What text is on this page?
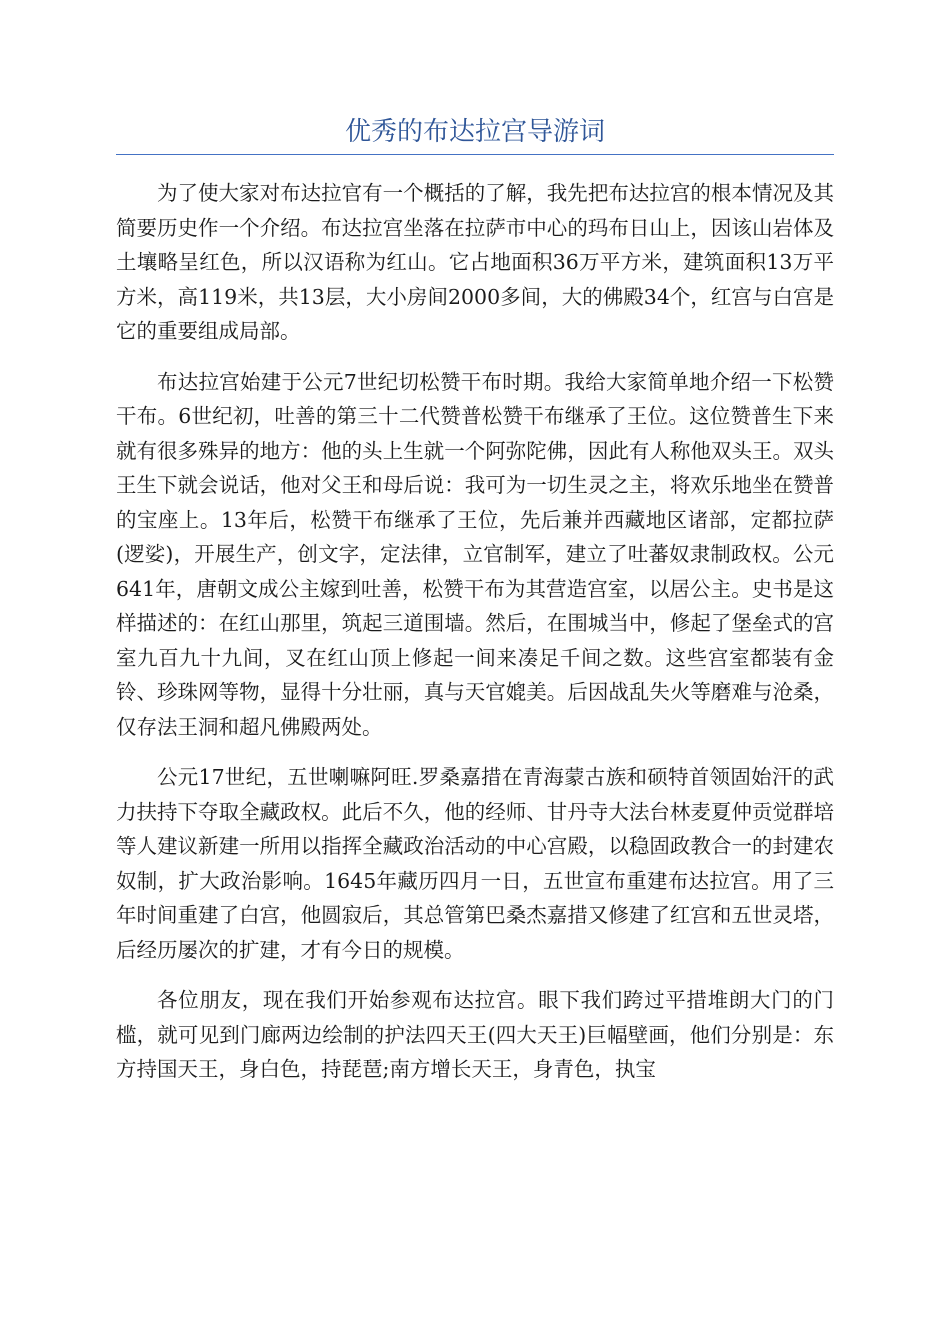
优秀的布达拉宫导游词

为了使大家对布达拉官有一个概括的了解，我先把布达拉宫的根本情况及其简要历史作一个介绍。布达拉宫坐落在拉萨市中心的玛布日山上，因该山岩体及土壤略呈红色，所以汉语称为红山。它占地面积36万平方米，建筑面积13万平方米，高119米，共13层，大小房间2000多间，大的佛殿34个，红宫与白宫是它的重要组成局部。

布达拉宫始建于公元7世纪切松赞干布时期。我给大家简单地介绍一下松赞干布。6世纪初，吐善的第三十二代赞普松赞干布继承了王位。这位赞普生下来就有很多殊异的地方：他的头上生就一个阿弥陀佛，因此有人称他双头王。双头王生下就会说话，他对父王和母后说：我可为一切生灵之主，将欢乐地坐在赞普的宝座上。13年后，松赞干布继承了王位，先后兼并西藏地区诸部，定都拉萨(逻娑)，开展生产，创文字，定法律，立官制军，建立了吐蕃奴隶制政权。公元641年，唐朝文成公主嫁到吐善，松赞干布为其营造宫室，以居公主。史书是这样描述的：在红山那里，筑起三道围墙。然后，在围城当中，修起了堡垒式的宫室九百九十九间，叉在红山顶上修起一间来凑足千间之数。这些宫室都装有金铃、珍珠网等物，显得十分壮丽，真与天官媲美。后因战乱失火等磨难与沧桑，仅存法王洞和超凡佛殿两处。

公元17世纪，五世喇嘛阿旺.罗桑嘉措在青海蒙古族和硕特首领固始汗的武力扶持下夺取全藏政权。此后不久，他的经师、甘丹寺大法台林麦夏仲贡觉群培等人建议新建一所用以指挥全藏政治活动的中心宫殿，以稳固政教合一的封建农奴制，扩大政治影响。1645年藏历四月一日，五世宣布重建布达拉宫。用了三年时间重建了白宫，他圆寂后，其总管第巴桑杰嘉措又修建了红宫和五世灵塔，后经历屡次的扩建，才有今日的规模。

各位朋友，现在我们开始参观布达拉宫。眼下我们跨过平措堆朗大门的门槛，就可见到门廊两边绘制的护法四天王(四大天王)巨幅壁画，他们分别是：东方持国天王，身白色，持琵琶;南方增长天王，身青色，执宝
